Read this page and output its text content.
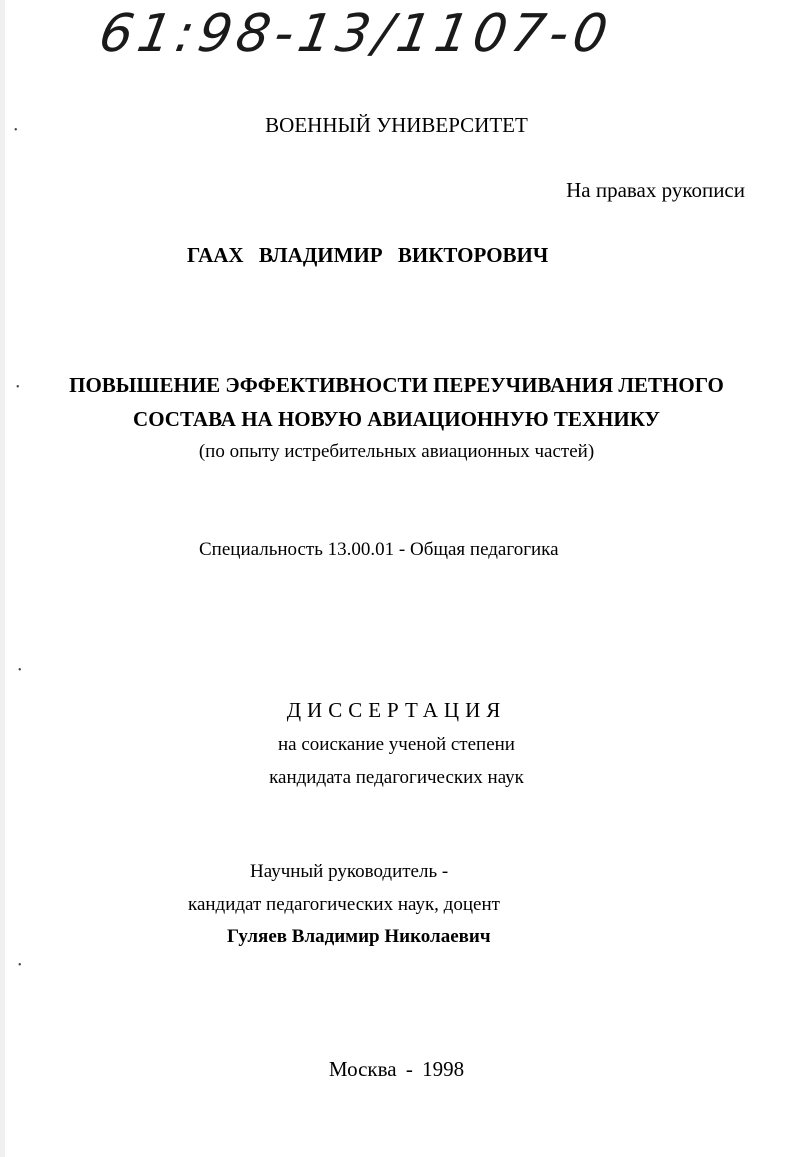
61:98-13/1107-0
•
•
•
•

ВОЕННЫЙ УНИВЕРСИТЕТ

На правах рукописи

ГААХ ВЛАДИМИР ВИКТОРОВИЧ

ПОВЫШЕНИЕ ЭФФЕКТИВНОСТИ ПЕРЕУЧИВАНИЯ ЛЕТНОГО

СОСТАВА НА НОВУЮ АВИАЦИОННУЮ ТЕХНИКУ

(по опыту истребительных авиационных частей)

Специальность 13.00.01 - Общая педагогика

ДИССЕРТАЦИЯ

на соискание ученой степени

кандидата педагогических наук

Научный руководитель -

кандидат педагогических наук, доцент

Гуляев Владимир Николаевич

Москва - 1998
